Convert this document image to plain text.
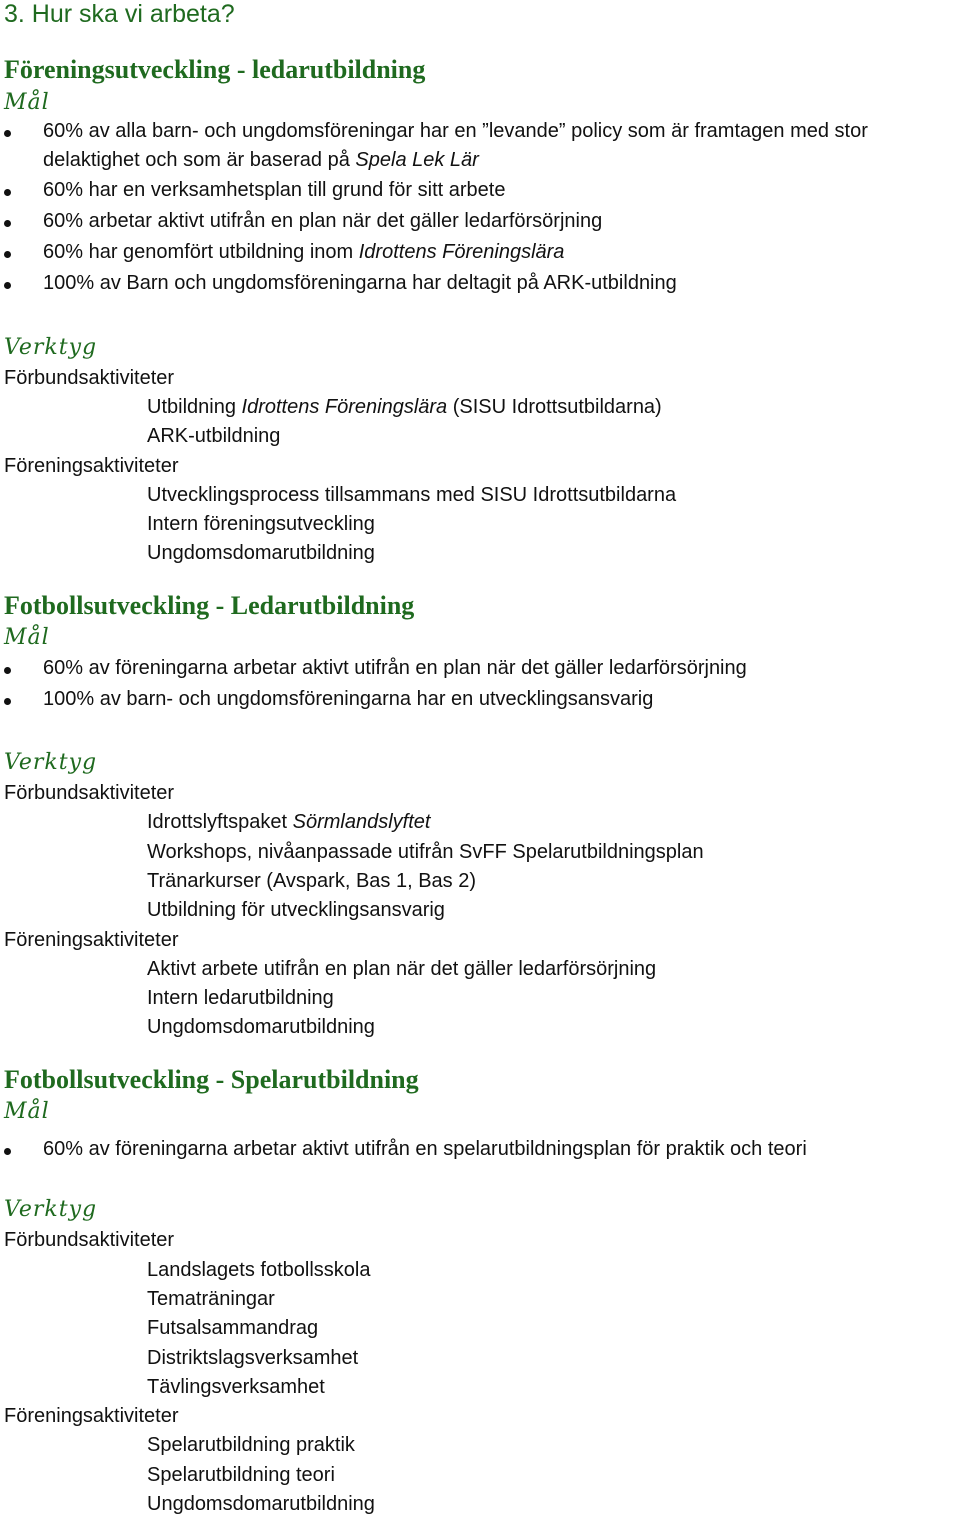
3. Hur ska vi arbeta?
Föreningsutveckling - ledarutbildning
Mål
60% av alla barn- och ungdomsföreningar har en ”levande” policy som är framtagen med stor
delaktighet och som är baserad på Spela Lek Lär
60% har en verksamhetsplan till grund för sitt arbete
60% arbetar aktivt utifrån en plan när det gäller ledarförsörjning
60% har genomfört utbildning inom Idrottens Föreningslära
100% av Barn och ungdomsföreningarna har deltagit på ARK-utbildning
Verktyg
Förbundsaktiviteter
Utbildning Idrottens Föreningslära (SISU Idrottsutbildarna)
ARK-utbildning
Föreningsaktiviteter
Utvecklingsprocess tillsammans med SISU Idrottsutbildarna
Intern föreningsutveckling
Ungdomsdomarutbildning
Fotbollsutveckling - Ledarutbildning
Mål
60% av föreningarna arbetar aktivt utifrån en plan när det gäller ledarförsörjning
100% av barn- och ungdomsföreningarna har en utvecklingsansvarig
Verktyg
Förbundsaktiviteter
Idrottslyftspaket Sörmlandslyftet
Workshops, nivåanpassade utifrån SvFF Spelarutbildningsplan
Tränarkurser (Avspark, Bas 1, Bas 2)
Utbildning för utvecklingsansvarig
Föreningsaktiviteter
Aktivt arbete utifrån en plan när det gäller ledarförsörjning
Intern ledarutbildning
Ungdomsdomarutbildning
Fotbollsutveckling - Spelarutbildning
Mål
60% av föreningarna arbetar aktivt utifrån en spelarutbildningsplan för praktik och teori
Verktyg
Förbundsaktiviteter
Landslagets fotbollsskola
Tematräningar
Futsalsammandrag
Distriktslagsverksamhet
Tävlingsverksamhet
Föreningsaktiviteter
Spelarutbildning praktik
Spelarutbildning teori
Ungdomsdomarutbildning
